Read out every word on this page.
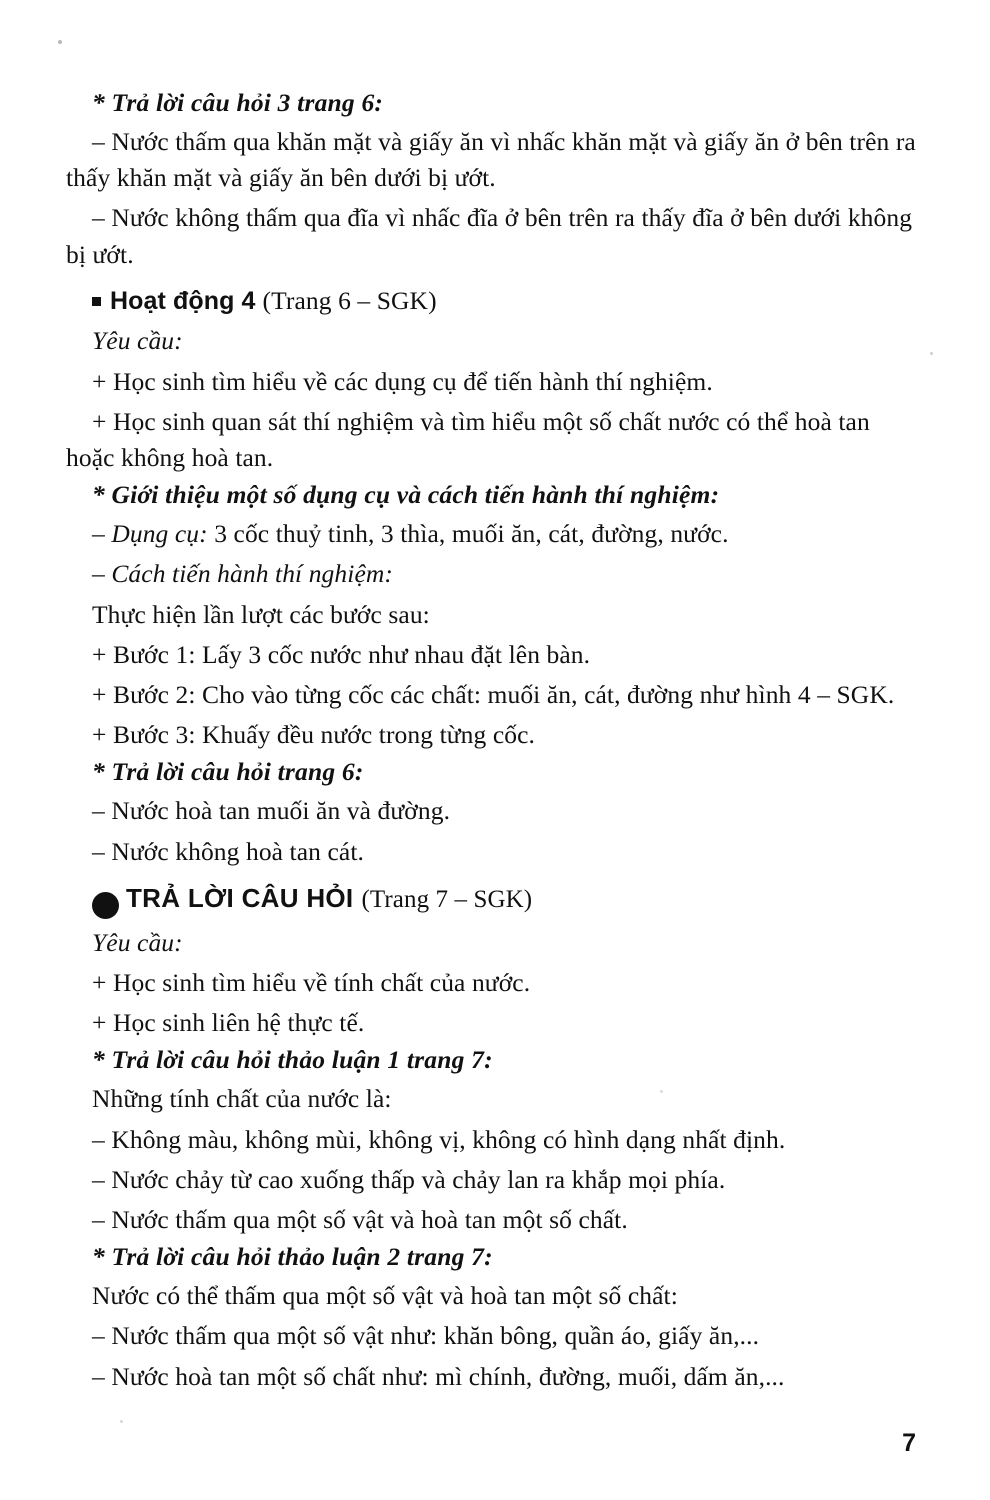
* Trả lời câu hỏi 3 trang 6:

– Nước thấm qua khăn mặt và giấy ăn vì nhấc khăn mặt và giấy ăn ở bên trên ra thấy khăn mặt và giấy ăn bên dưới bị ướt.

– Nước không thấm qua đĩa vì nhấc đĩa ở bên trên ra thấy đĩa ở bên dưới không bị ướt.

Hoạt động 4 (Trang 6 – SGK)

Yêu cầu:

+ Học sinh tìm hiểu về các dụng cụ để tiến hành thí nghiệm.

+ Học sinh quan sát thí nghiệm và tìm hiểu một số chất nước có thể hoà tan hoặc không hoà tan.

* Giới thiệu một số dụng cụ và cách tiến hành thí nghiệm:

– Dụng cụ: 3 cốc thuỷ tinh, 3 thìa, muối ăn, cát, đường, nước.

– Cách tiến hành thí nghiệm:

Thực hiện lần lượt các bước sau:

+ Bước 1: Lấy 3 cốc nước như nhau đặt lên bàn.

+ Bước 2: Cho vào từng cốc các chất: muối ăn, cát, đường như hình 4 – SGK.

+ Bước 3: Khuấy đều nước trong từng cốc.

* Trả lời câu hỏi trang 6:

– Nước hoà tan muối ăn và đường.

– Nước không hoà tan cát.

?TRẢ LỜI CÂU HỎI (Trang 7 – SGK)

Yêu cầu:

+ Học sinh tìm hiểu về tính chất của nước.

+ Học sinh liên hệ thực tế.

* Trả lời câu hỏi thảo luận 1 trang 7:

Những tính chất của nước là:

– Không màu, không mùi, không vị, không có hình dạng nhất định.

– Nước chảy từ cao xuống thấp và chảy lan ra khắp mọi phía.

– Nước thấm qua một số vật và hoà tan một số chất.

* Trả lời câu hỏi thảo luận 2 trang 7:

Nước có thể thấm qua một số vật và hoà tan một số chất:

– Nước thấm qua một số vật như: khăn bông, quần áo, giấy ăn,...

– Nước hoà tan một số chất như: mì chính, đường, muối, dấm ăn,...

7
